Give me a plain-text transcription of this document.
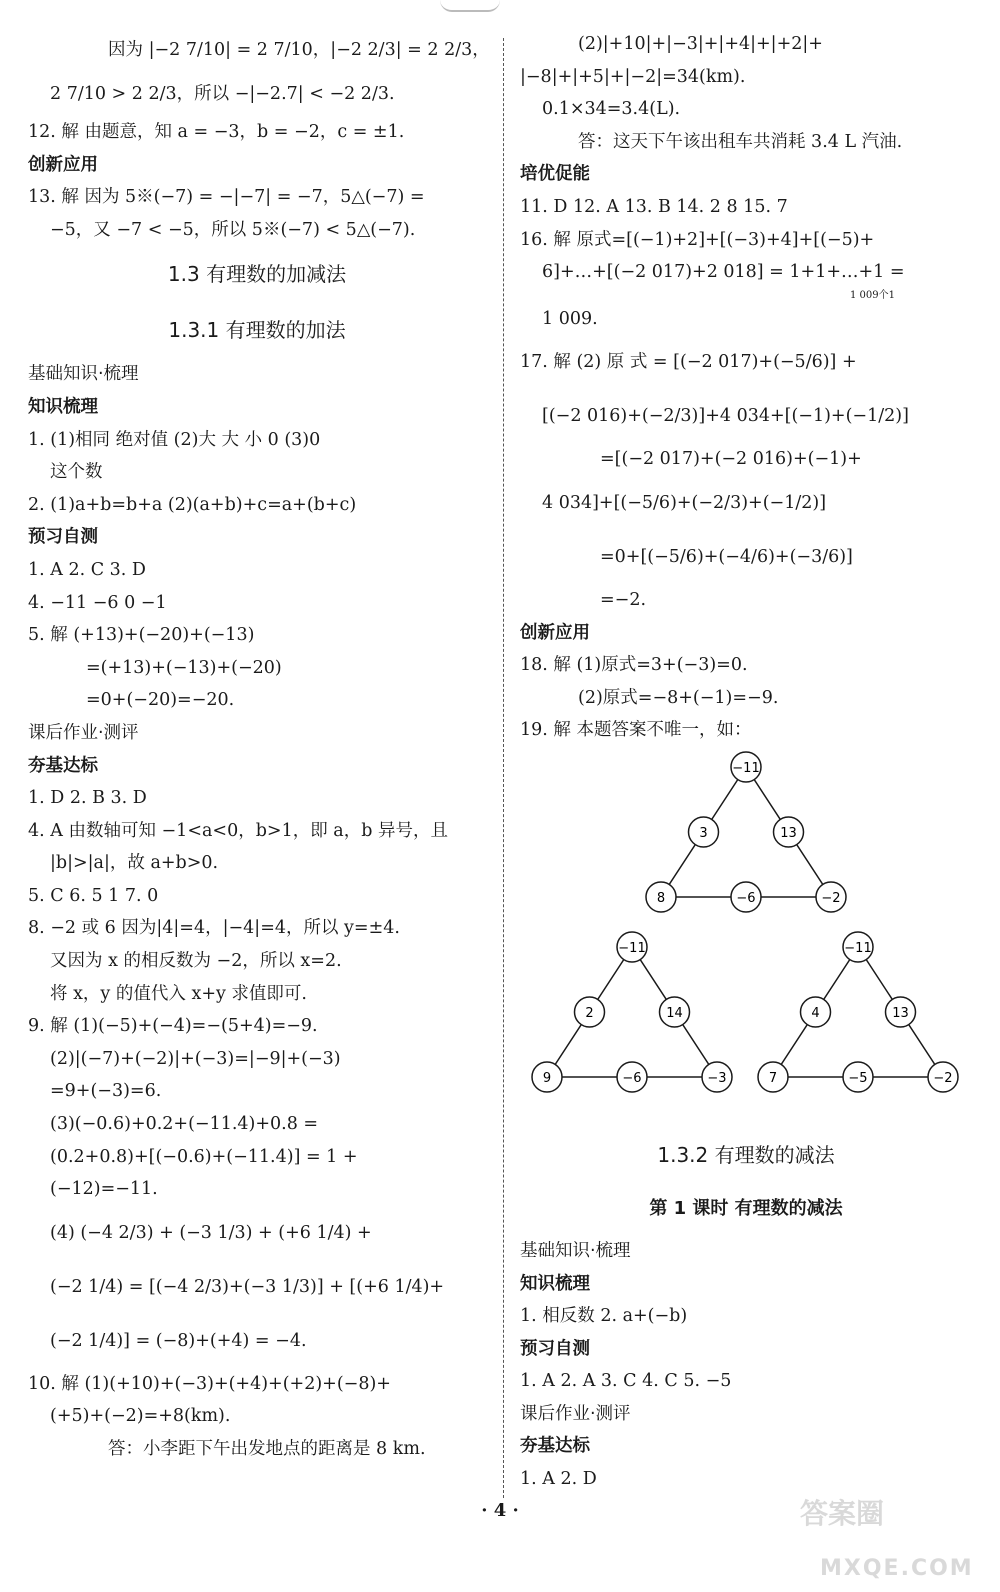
因为 |−2 7/10| = 2 7/10，|−2 2/3| = 2 2/3，
2 7/10 > 2 2/3，所以 −|−2.7| < −2 2/3.
12. 解 由题意，知 a = −3，b = −2，c = ±1.
创新应用
13. 解 因为 5※(−7) = −|−7| = −7，5△(−7) =
−5，又 −7 < −5，所以 5※(−7) < 5△(−7).
1.3 有理数的加减法
1.3.1 有理数的加法
基础知识·梳理
知识梳理
1. (1)相同 绝对值 (2)大 大 小 0 (3)0
这个数
2. (1)a+b=b+a (2)(a+b)+c=a+(b+c)
预习自测
1. A 2. C 3. D
4. −11 −6 0 −1
5. 解 (+13)+(−20)+(−13)
=(+13)+(−13)+(−20)
=0+(−20)=−20.
课后作业·测评
夯基达标
1. D 2. B 3. D
4. A 由数轴可知 −1<a<0，b>1，即 a，b 异号，且
|b|>|a|，故 a+b>0.
5. C 6. 5 1 7. 0
8. −2 或 6 因为|4|=4，|−4|=4，所以 y=±4.
又因为 x 的相反数为 −2，所以 x=2.
将 x，y 的值代入 x+y 求值即可.
9. 解 (1)(−5)+(−4)=−(5+4)=−9.
(2)|(−7)+(−2)|+(−3)=|−9|+(−3)
=9+(−3)=6.
(3)(−0.6)+0.2+(−11.4)+0.8 =
(0.2+0.8)+[(−0.6)+(−11.4)] = 1 +
(−12)=−11.
(4) (−4 2/3) + (−3 1/3) + (+6 1/4) +
(−2 1/4) = [(−4 2/3)+(−3 1/3)] + [(+6 1/4)+
(−2 1/4)] = (−8)+(+4) = −4.
10. 解 (1)(+10)+(−3)+(+4)+(+2)+(−8)+
(+5)+(−2)=+8(km).
答：小李距下午出发地点的距离是 8 km.
(2)|+10|+|−3|+|+4|+|+2|+
|−8|+|+5|+|−2|=34(km).
0.1×34=3.4(L).
答：这天下午该出租车共消耗 3.4 L 汽油.
培优促能
11. D 12. A 13. B 14. 2 8 15. 7
16. 解 原式=[(−1)+2]+[(−3)+4]+[(−5)+
6]+…+[(−2 017)+2 018] = 1+1+…+1 =
1 009个1
1 009.
17. 解 (2) 原 式 = [(−2 017)+(−5/6)] +
[(−2 016)+(−2/3)]+4 034+[(−1)+(−1/2)]
=[(−2 017)+(−2 016)+(−1)+
4 034]+[(−5/6)+(−2/3)+(−1/2)]
=0+[(−5/6)+(−4/6)+(−3/6)]
=−2.
创新应用
18. 解 (1)原式=3+(−3)=0.
(2)原式=−8+(−1)=−9.
19. 解 本题答案不唯一，如：
−11
3	13
8	−6	−2
−11
2	14
9	−6	−3
−11
4	13
7	−5	−2
1.3.2 有理数的减法
第 1 课时 有理数的减法
基础知识·梳理
知识梳理
1. 相反数 2. a+(−b)
预习自测
1. A 2. A 3. C 4. C 5. −5
课后作业·测评
夯基达标
1. A 2. D
· 4 ·	答案圈
MXQE.COM
